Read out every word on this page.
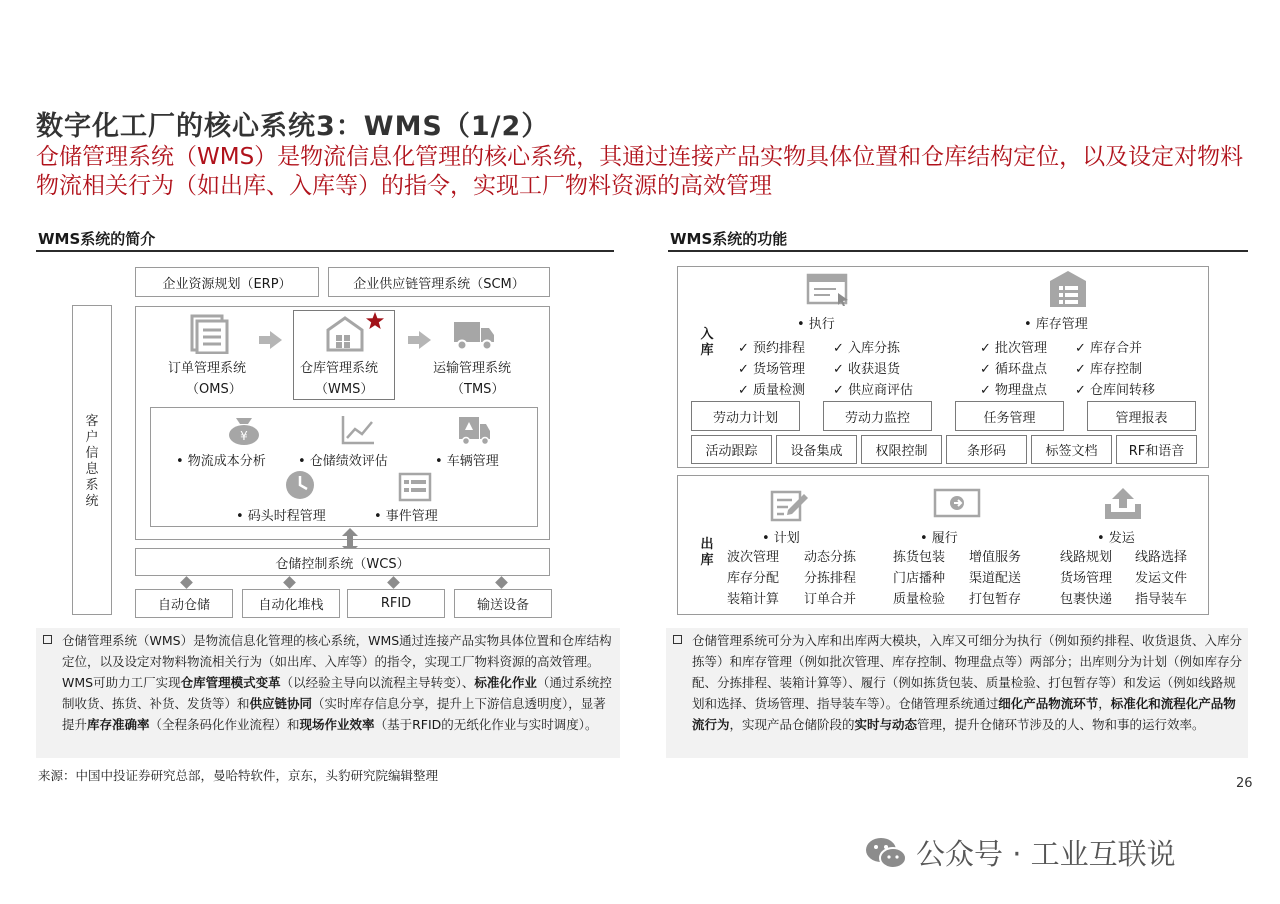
数字化工厂的核心系统3：WMS（1/2）
仓储管理系统（WMS）是物流信息化管理的核心系统，其通过连接产品实物具体位置和仓库结构定位，以及设定对物料物流相关行为（如出库、入库等）的指令，实现工厂物料资源的高效管理
WMS系统的简介
企业资源规划（ERP）	企业供应链管理系统（SCM）
客户信息系统
订单管理系统
（OMS）
仓库管理系统
（WMS）
运输管理系统
（TMS）
¥
• 物流成本分析 • 仓储绩效评估	• 车辆管理
• 码头时程管理	• 事件管理
仓储控制系统（WCS）
自动仓储	自动化堆栈	RFID	输送设备
仓储管理系统（WMS）是物流信息化管理的核心系统，WMS通过连接产品实物具体位置和仓库结构定位，以及设定对物料物流相关行为（如出库、入库等）的指令，实现工厂物料资源的高效管理。WMS可助力工厂实现仓库管理模式变革（以经验主导向以流程主导转变）、标准化作业（通过系统控制收货、拣货、补货、发货等）和供应链协同（实时库存信息分享，提升上下游信息透明度），显著提升库存准确率（全程条码化作业流程）和现场作业效率（基于RFID的无纸化作业与实时调度）。
来源：中国中投证券研究总部，曼哈特软件，京东，头豹研究院编辑整理
WMS系统的功能
入库
• 执行	• 库存管理
✓ 预约排程 ✓ 入库分拣
✓ 货场管理 ✓ 收获退货
✓ 质量检测 ✓ 供应商评估
✓ 批次管理 ✓ 库存合并
✓ 循环盘点 ✓ 库存控制
✓ 物理盘点 ✓ 仓库间转移
劳动力计划	劳动力监控	任务管理	管理报表
活动跟踪	设备集成	权限控制	条形码	标签文档 RF和语音
出库
• 计划	• 履行	• 发运
波次管理 动态分拣
库存分配 分拣排程
装箱计算 订单合并
拣货包装 增值服务
门店播种 渠道配送
质量检验 打包暂存
线路规划 线路选择
货场管理 发运文件
包裹快递 指导装车
仓储管理系统可分为入库和出库两大模块，入库又可细分为执行（例如预约排程、收货退货、入库分拣等）和库存管理（例如批次管理、库存控制、物理盘点等）两部分；出库则分为计划（例如库存分配、分拣排程、装箱计算等）、履行（例如拣货包装、质量检验、打包暂存等）和发运（例如线路规划和选择、货场管理、指导装车等）。仓储管理系统通过细化产品物流环节，标准化和流程化产品物流行为，实现产品仓储阶段的实时与动态管理，提升仓储环节涉及的人、物和事的运行效率。
26
公众号 · 工业互联说
